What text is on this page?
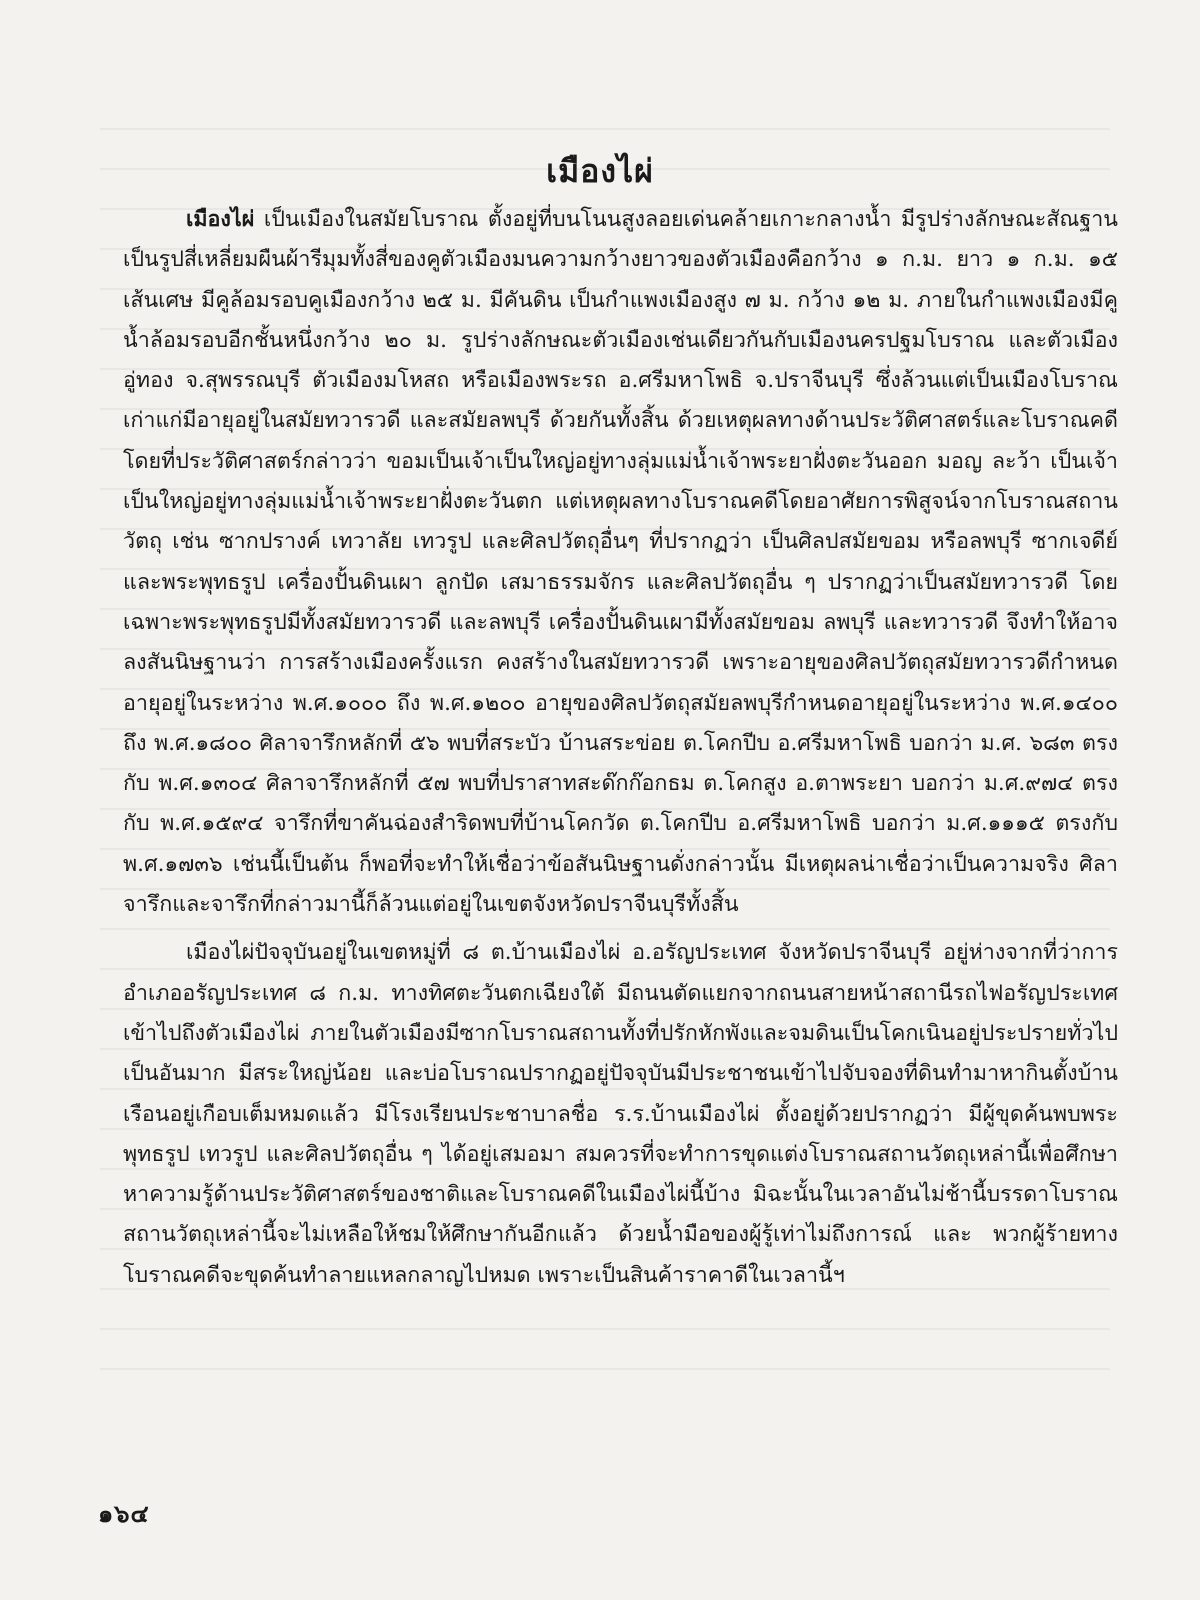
เมืองไผ่

เมืองไผ่ เป็นเมืองในสมัยโบราณ ตั้งอยู่ที่บนโนนสูงลอยเด่นคล้ายเกาะกลางน้ำ มีรูปร่างลักษณะสัณฐานเป็นรูปสี่เหลี่ยมผืนผ้ารีมุมทั้งสี่ของคูตัวเมืองมนความกว้างยาวของตัวเมืองคือกว้าง ๑ ก.ม. ยาว ๑ ก.ม. ๑๕ เส้นเศษ มีคูล้อมรอบคูเมืองกว้าง ๒๕ ม. มีคันดิน เป็นกำแพงเมืองสูง ๗ ม. กว้าง ๑๒ ม. ภายในกำแพงเมืองมีคูน้ำล้อมรอบอีกชั้นหนึ่งกว้าง ๒๐ ม. รูปร่างลักษณะตัวเมืองเช่นเดียวกันกับเมืองนครปฐมโบราณ และตัวเมืองอู่ทอง จ.สุพรรณบุรี ตัวเมืองมโหสถ หรือเมืองพระรถ อ.ศรีมหาโพธิ จ.ปราจีนบุรี ซึ่งล้วนแต่เป็นเมืองโบราณเก่าแก่มีอายุอยู่ในสมัยทวารวดี และสมัยลพบุรี ด้วยกันทั้งสิ้น ด้วยเหตุผลทางด้านประวัติศาสตร์และโบราณคดี โดยที่ประวัติศาสตร์กล่าวว่า ขอมเป็นเจ้าเป็นใหญ่อยู่ทางลุ่มแม่น้ำเจ้าพระยาฝั่งตะวันออก มอญ ละว้า เป็นเจ้าเป็นใหญ่อยู่ทางลุ่มแม่น้ำเจ้าพระยาฝั่งตะวันตก แต่เหตุผลทางโบราณคดีโดยอาศัยการพิสูจน์จากโบราณสถานวัตถุ เช่น ซากปรางค์ เทวาลัย เทวรูป และศิลปวัตถุอื่นๆ ที่ปรากฏว่า เป็นศิลปสมัยขอม หรือลพบุรี ซากเจดีย์ และพระพุทธรูป เครื่องปั้นดินเผา ลูกปัด เสมาธรรมจักร และศิลปวัตถุอื่น ๆ ปรากฏว่าเป็นสมัยทวารวดี โดยเฉพาะพระพุทธรูปมีทั้งสมัยทวารวดี และลพบุรี เครื่องปั้นดินเผามีทั้งสมัยขอม ลพบุรี และทวารวดี จึงทำให้อาจลงสันนิษฐานว่า การสร้างเมืองครั้งแรก คงสร้างในสมัยทวารวดี เพราะอายุของศิลปวัตถุสมัยทวารวดีกำหนดอายุอยู่ในระหว่าง พ.ศ.๑๐๐๐ ถึง พ.ศ.๑๒๐๐ อายุของศิลปวัตถุสมัยลพบุรีกำหนดอายุอยู่ในระหว่าง พ.ศ.๑๔๐๐ ถึง พ.ศ.๑๘๐๐ ศิลาจารึกหลักที่ ๕๖ พบที่สระบัว บ้านสระข่อย ต.โคกปีบ อ.ศรีมหาโพธิ บอกว่า ม.ศ. ๖๘๓ ตรงกับ พ.ศ.๑๓๐๔ ศิลาจารึกหลักที่ ๕๗ พบที่ปราสาทสะด๊กก๊อกธม ต.โคกสูง อ.ตาพระยา บอกว่า ม.ศ.๙๗๔ ตรงกับ พ.ศ.๑๕๙๔ จารึกที่ขาคันฉ่องสำริดพบที่บ้านโคกวัด ต.โคกปีบ อ.ศรีมหาโพธิ บอกว่า ม.ศ.๑๑๑๕ ตรงกับ พ.ศ.๑๗๓๖ เช่นนี้เป็นต้น ก็พอที่จะทำให้เชื่อว่าข้อสันนิษฐานดั่งกล่าวนั้น มีเหตุผลน่าเชื่อว่าเป็นความจริง ศิลาจารึกและจารึกที่กล่าวมานี้ก็ล้วนแต่อยู่ในเขตจังหวัดปราจีนบุรีทั้งสิ้น

เมืองไผ่ปัจจุบันอยู่ในเขตหมู่ที่ ๘ ต.บ้านเมืองไผ่ อ.อรัญประเทศ จังหวัดปราจีนบุรี อยู่ห่างจากที่ว่าการอำเภออรัญประเทศ ๘ ก.ม. ทางทิศตะวันตกเฉียงใต้ มีถนนตัดแยกจากถนนสายหน้าสถานีรถไฟอรัญประเทศเข้าไปถึงตัวเมืองไผ่ ภายในตัวเมืองมีซากโบราณสถานทั้งที่ปรักหักพังและจมดินเป็นโคกเนินอยู่ประปรายทั่วไปเป็นอันมาก มีสระใหญ่น้อย และบ่อโบราณปรากฏอยู่ปัจจุบันมีประชาชนเข้าไปจับจองที่ดินทำมาหากินตั้งบ้านเรือนอยู่เกือบเต็มหมดแล้ว มีโรงเรียนประชาบาลชื่อ ร.ร.บ้านเมืองไผ่ ตั้งอยู่ด้วยปรากฏว่า มีผู้ขุดค้นพบพระพุทธรูป เทวรูป และศิลปวัตถุอื่น ๆ ได้อยู่เสมอมา สมควรที่จะทำการขุดแต่งโบราณสถานวัตถุเหล่านี้เพื่อศึกษาหาความรู้ด้านประวัติศาสตร์ของชาติและโบราณคดีในเมืองไผ่นี้บ้าง มิฉะนั้นในเวลาอันไม่ช้านี้บรรดาโบราณสถานวัตถุเหล่านี้จะไม่เหลือให้ชมให้ศึกษากันอีกแล้ว ด้วยน้ำมือของผู้รู้เท่าไม่ถึงการณ์ และ พวกผู้ร้ายทางโบราณคดีจะขุดค้นทำลายแหลกลาญไปหมด เพราะเป็นสินค้าราคาดีในเวลานี้ฯ

๑๖๔
